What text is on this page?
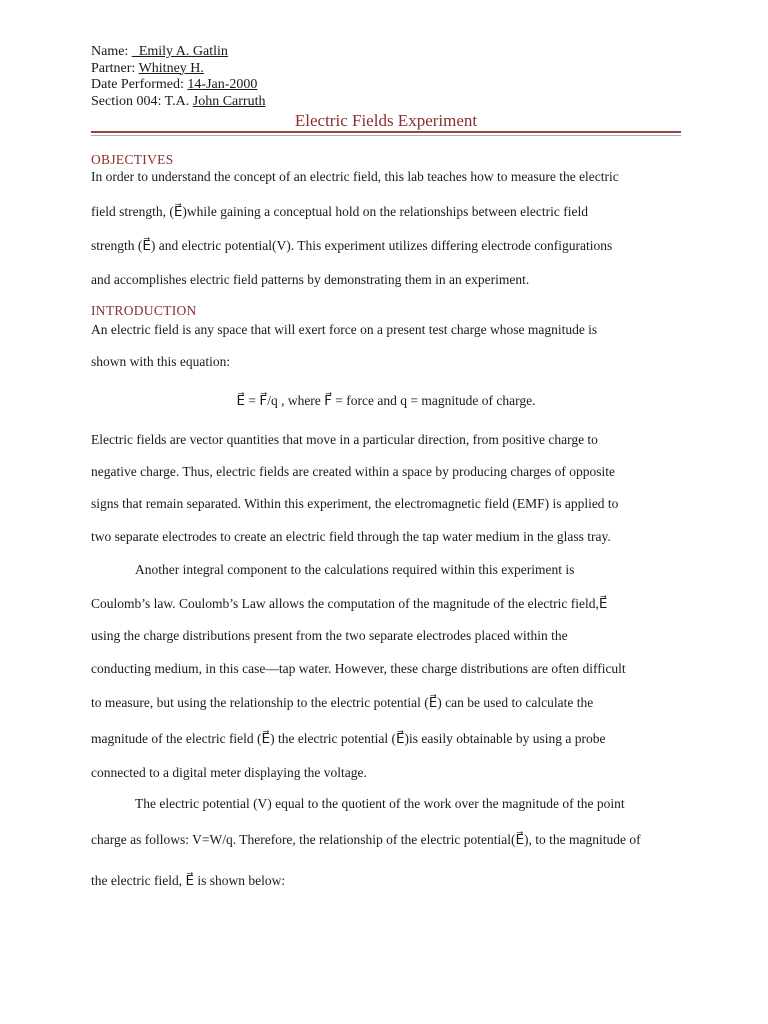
Name: _Emily A. Gatlin
Partner: Whitney H.
Date Performed: 14-Jan-2000
Section 004: T.A. John Carruth
Electric Fields Experiment
OBJECTIVES
In order to understand the concept of an electric field, this lab teaches how to measure the electric
field strength, (E⃗)while gaining a conceptual hold on the relationships between electric field
strength (E⃗) and electric potential(V). This experiment utilizes differing electrode configurations
and accomplishes electric field patterns by demonstrating them in an experiment.
INTRODUCTION
An electric field is any space that will exert force on a present test charge whose magnitude is
shown with this equation:
E⃗ = F⃗/q , where F⃗ = force and q = magnitude of charge.
Electric fields are vector quantities that move in a particular direction, from positive charge to
negative charge. Thus, electric fields are created within a space by producing charges of opposite
signs that remain separated. Within this experiment, the electromagnetic field (EMF) is applied to
two separate electrodes to create an electric field through the tap water medium in the glass tray.
Another integral component to the calculations required within this experiment is
Coulomb’s law. Coulomb’s Law allows the computation of the magnitude of the electric field,E⃗
using the charge distributions present from the two separate electrodes placed within the
conducting medium, in this case—tap water. However, these charge distributions are often difficult
to measure, but using the relationship to the electric potential (E⃗) can be used to calculate the
magnitude of the electric field (E⃗) the electric potential (E⃗)is easily obtainable by using a probe
connected to a digital meter displaying the voltage.
The electric potential (V) equal to the quotient of the work over the magnitude of the point
charge as follows: V=W/q. Therefore, the relationship of the electric potential(E⃗), to the magnitude of
the electric field, E⃗ is shown below:
